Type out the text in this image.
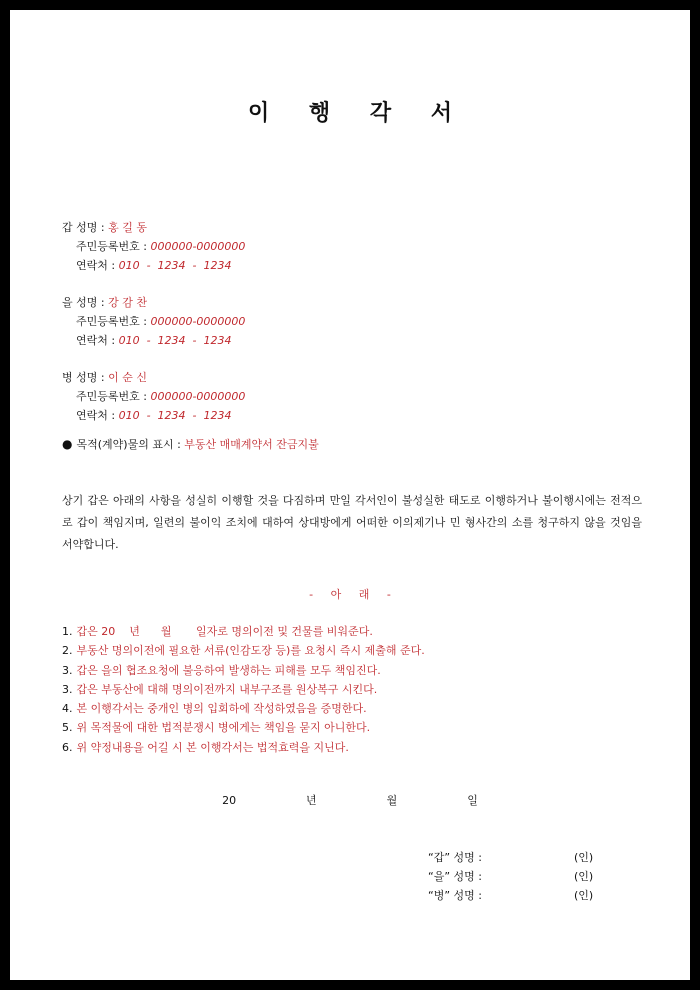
이 행 각 서
갑 성명 : 홍 길 동
주민등록번호 : 000000-0000000
연락처 : 010  -  1234  -  1234
을 성명 : 강 감 찬
주민등록번호 : 000000-0000000
연락처 : 010  -  1234  -  1234
병 성명 : 이 순 신
주민등록번호 : 000000-0000000
연락처 : 010  -  1234  -  1234
● 목적(계약)물의 표시 : 부동산 매매계약서 잔금지불
상기 갑은 아래의 사항을 성실히 이행할 것을 다짐하며 만일 각서인이 불성실한 태도로 이행하거나 불이행시에는 전적으로 갑이 책임지며, 일련의 불이익 조치에 대하여 상대방에게 어떠한 이의제기나 민 형사간의 소를 청구하지 않을 것임을 서약합니다.
- 아 래 -
1. 갑은 20    년      월       일자로 명의이전 및 건물를 비워준다.
2. 부동산 명의이전에 필요한 서류(인감도장 등)를 요청시 즉시 제출해 준다.
3. 갑은 을의 협조요청에 불응하여 발생하는 피해를 모두 책임진다.
3. 갑은 부동산에 대해 명의이전까지 내부구조를 원상복구 시킨다.
4. 본 이행각서는 중개인 병의 입회하에 작성하였음을 증명한다.
5. 위 목적물에 대한 법적분쟁시 병에게는 책임을 묻지 아니한다.
6. 위 약정내용을 어길 시 본 이행각서는 법적효력을 지닌다.
20    년    월    일
“갑” 성명 :	(인)
“을” 성명 :	(인)
“병” 성명 :	(인)
